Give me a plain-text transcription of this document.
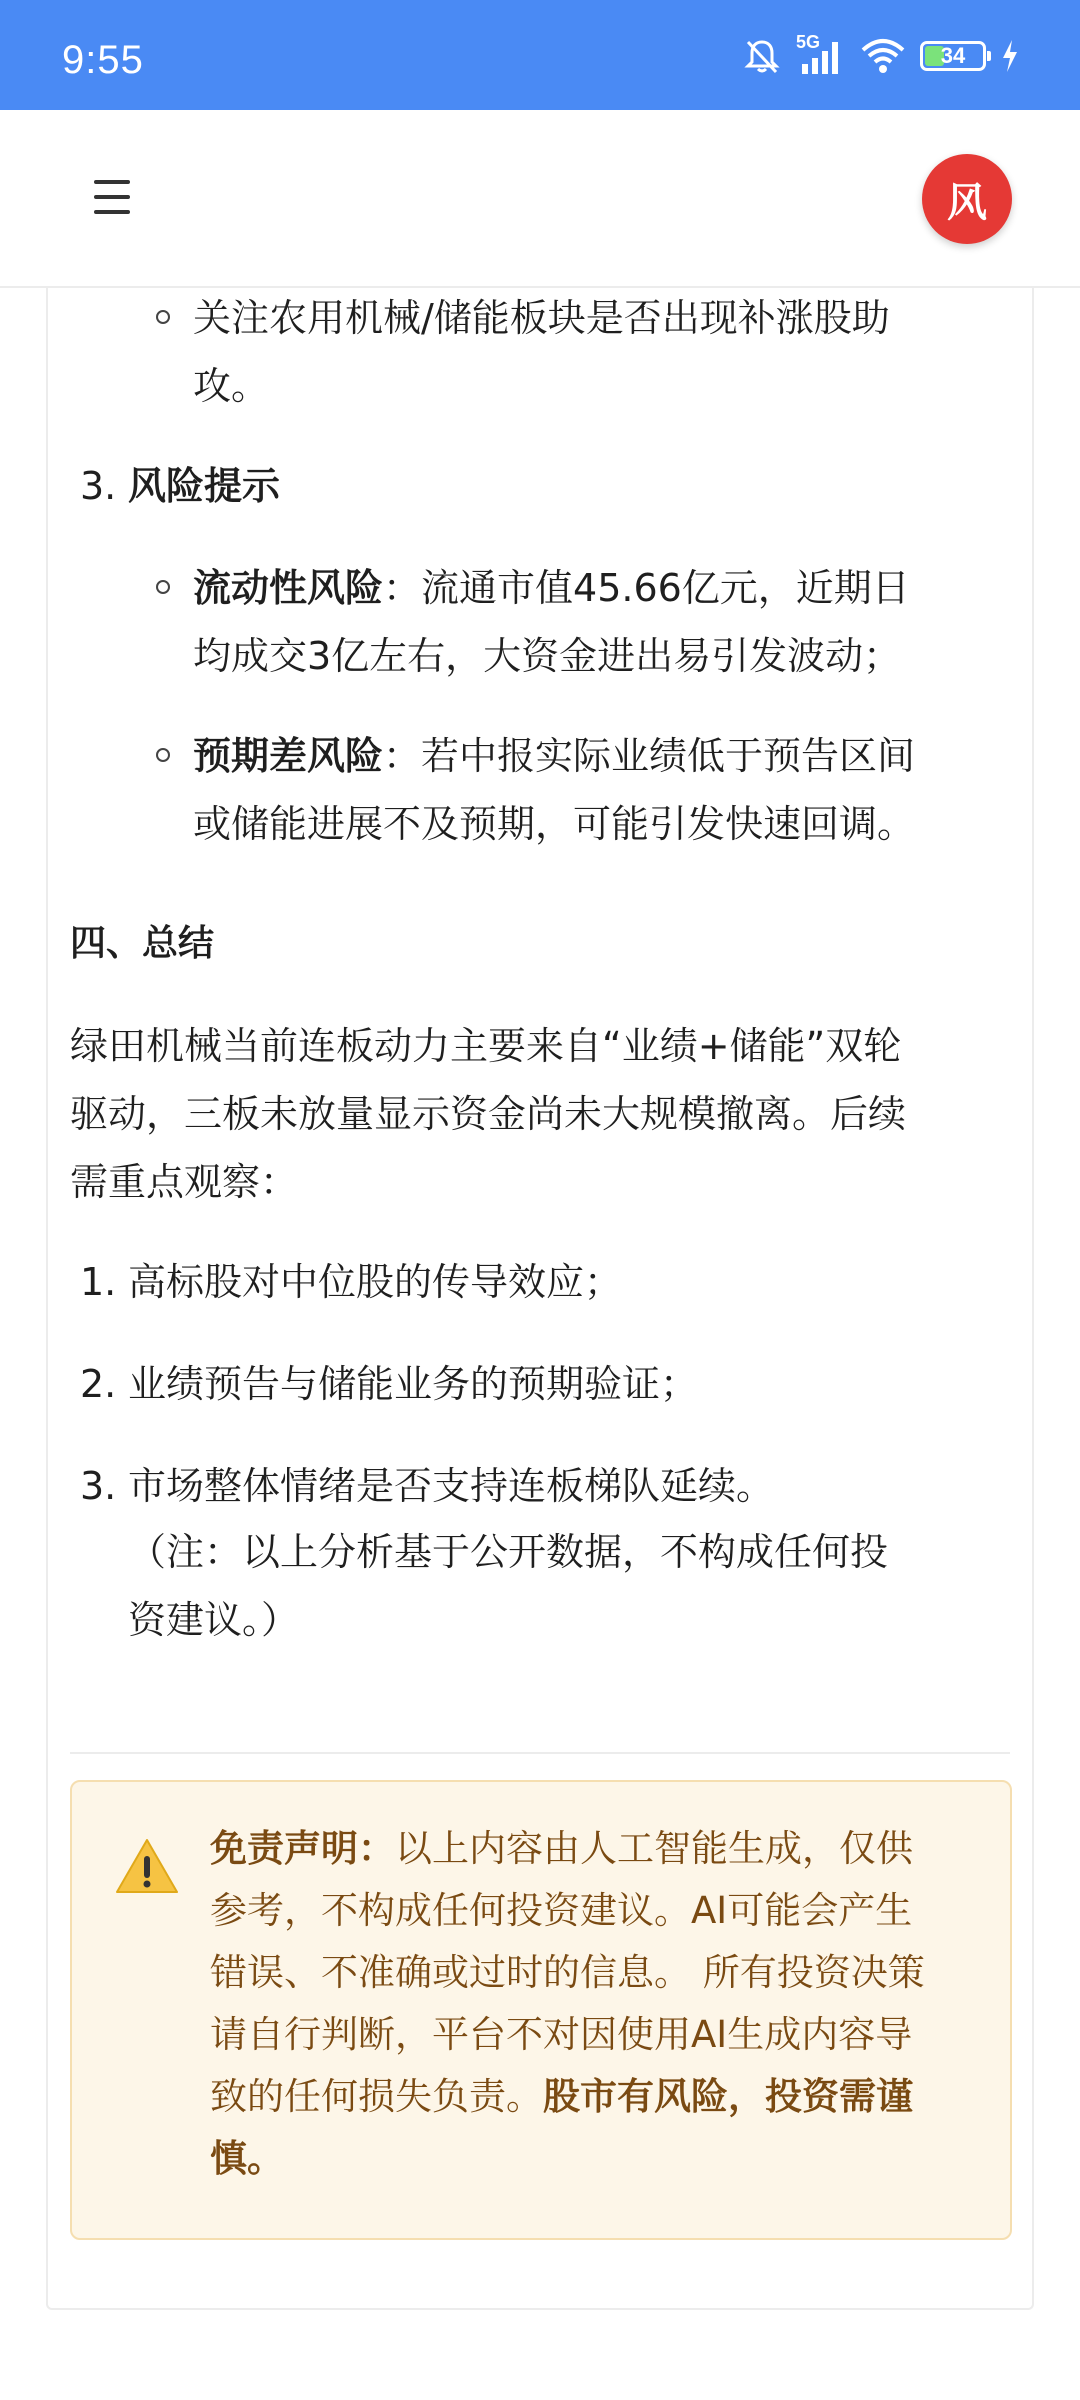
9:55	5G
34
风
关注农用机械/储能板块是否出现补涨股助
攻。
3. 风险提示
流动性风险：流通市值45.66亿元，近期日
均成交3亿左右，大资金进出易引发波动；
预期差风险：若中报实际业绩低于预告区间
或储能进展不及预期，可能引发快速回调。
四、总结
绿田机械当前连板动力主要来自“业绩+储能”双轮
驱动，三板未放量显示资金尚未大规模撤离。后续
需重点观察：
1. 高标股对中位股的传导效应；
2. 业绩预告与储能业务的预期验证；
3. 市场整体情绪是否支持连板梯队延续。
（注：以上分析基于公开数据，不构成任何投
资建议。）
免责声明：以上内容由人工智能生成，仅供
参考，不构成任何投资建议。AI可能会产生
错误、不准确或过时的信息。 所有投资决策
请自行判断，平台不对因使用AI生成内容导
致的任何损失负责。股市有风险，投资需谨
慎。
